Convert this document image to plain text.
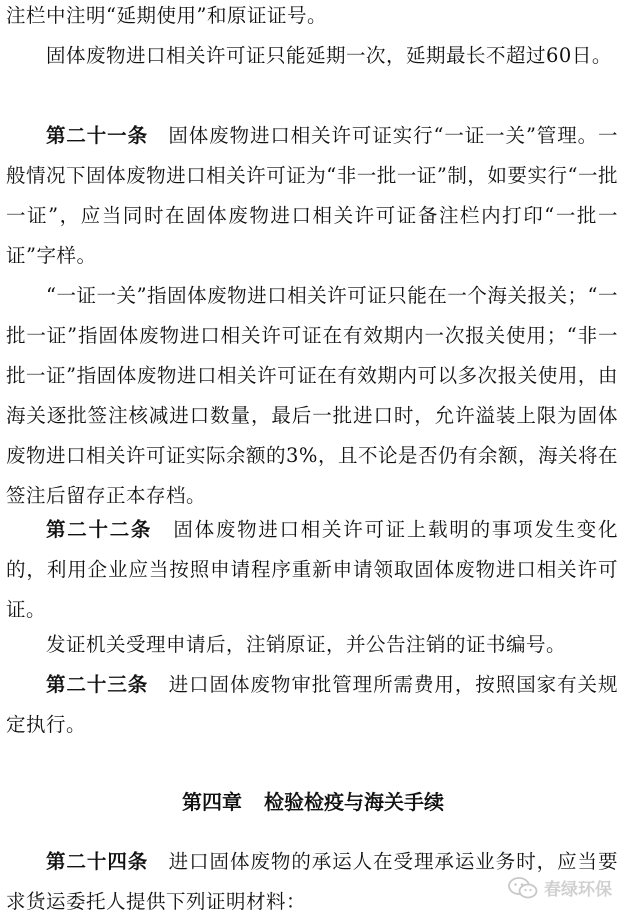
注栏中注明“延期使用”和原证证号。

固体废物进口相关许可证只能延期一次，延期最长不超过60日。

第二十一条　固体废物进口相关许可证实行“一证一关”管理。一般情况下固体废物进口相关许可证为“非一批一证”制，如要实行“一批一证”，应当同时在固体废物进口相关许可证备注栏内打印“一批一证”字样。

“一证一关”指固体废物进口相关许可证只能在一个海关报关；“一批一证”指固体废物进口相关许可证在有效期内一次报关使用；“非一批一证”指固体废物进口相关许可证在有效期内可以多次报关使用，由海关逐批签注核减进口数量，最后一批进口时，允许溢装上限为固体废物进口相关许可证实际余额的3%，且不论是否仍有余额，海关将在签注后留存正本存档。

第二十二条　固体废物进口相关许可证上载明的事项发生变化的，利用企业应当按照申请程序重新申请领取固体废物进口相关许可证。

发证机关受理申请后，注销原证，并公告注销的证书编号。

第二十三条　进口固体废物审批管理所需费用，按照国家有关规定执行。

第四章 检验检疫与海关手续

第二十四条　进口固体废物的承运人在受理承运业务时，应当要求货运委托人提供下列证明材料：	春绿环保
